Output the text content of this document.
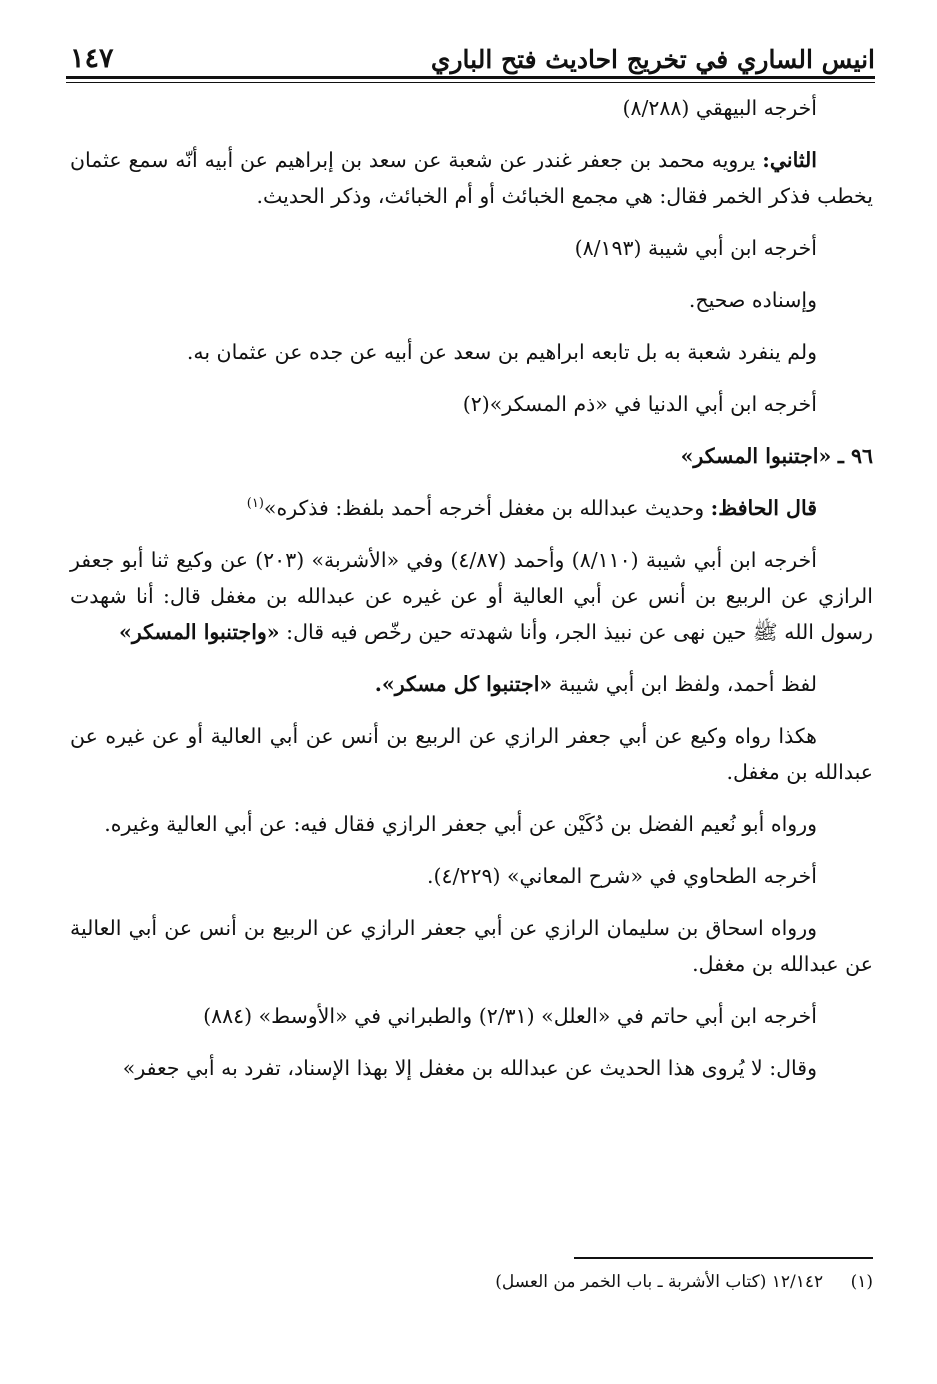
انيس الساري في تخريج احاديث فتح الباري
١٤٧

أخرجه البيهقي (٨/٢٨٨)

الثاني: يرويه محمد بن جعفر غندر عن شعبة عن سعد بن إبراهيم عن أبيه أنّه سمع عثمان يخطب فذكر الخمر فقال: هي مجمع الخبائث أو أم الخبائث، وذكر الحديث.

أخرجه ابن أبي شيبة (٨/١٩٣)

وإسناده صحيح.

ولم ينفرد شعبة به بل تابعه ابراهيم بن سعد عن أبيه عن جده عن عثمان به.

أخرجه ابن أبي الدنيا في «ذم المسكر»(٢)

٩٦ ـ «اجتنبوا المسكر»

قال الحافظ: وحديث عبدالله بن مغفل أخرجه أحمد بلفظ: فذكره»$^{(١)}$

أخرجه ابن أبي شيبة (٨/١١٠) وأحمد (٤/٨٧) وفي «الأشربة» (٢٠٣) عن وكيع ثنا أبو جعفر الرازي عن الربيع بن أنس عن أبي العالية أو عن غيره عن عبدالله بن مغفل قال: أنا شهدت رسول الله ﷺ حين نهى عن نبيذ الجر، وأنا شهدته حين رخّص فيه قال: «واجتنبوا المسكر»

لفظ أحمد، ولفظ ابن أبي شيبة «اجتنبوا كل مسكر».

هكذا رواه وكيع عن أبي جعفر الرازي عن الربيع بن أنس عن أبي العالية أو عن غيره عن عبدالله بن مغفل.

ورواه أبو نُعيم الفضل بن دُكَيْن عن أبي جعفر الرازي فقال فيه: عن أبي العالية وغيره.

أخرجه الطحاوي في «شرح المعاني» (٤/٢٢٩).

ورواه اسحاق بن سليمان الرازي عن أبي جعفر الرازي عن الربيع بن أنس عن أبي العالية عن عبدالله بن مغفل.

أخرجه ابن أبي حاتم في «العلل» (٢/٣١) والطبراني في «الأوسط» (٨٨٤)

وقال: لا يُروى هذا الحديث عن عبدالله بن مغفل إلا بهذا الإسناد، تفرد به أبي جعفر»

(١) ١٢/١٤٢ (كتاب الأشربة ـ باب الخمر من العسل)
